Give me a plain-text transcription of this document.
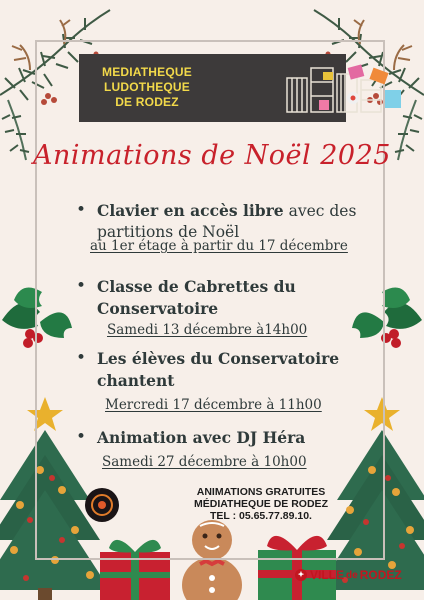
MEDIATHEQUE
LUDOTHEQUE
DE RODEZ
Animations de Noël 2025
• Clavier en accès libre avec des partitions de Noël
au 1er étage à partir du 17 décembre
• Classe de Cabrettes du Conservatoire
Samedi 13 décembre à14h00
• Les élèves du Conservatoire chantent
Mercredi 17 décembre à 11h00
• Animation avec DJ Héra
Samedi 27 décembre à 10h00
ANIMATIONS GRATUITES
MÉDIATHEQUE DE RODEZ
TEL : 05.65.77.89.10.
✦ VILLE de RODEZ
